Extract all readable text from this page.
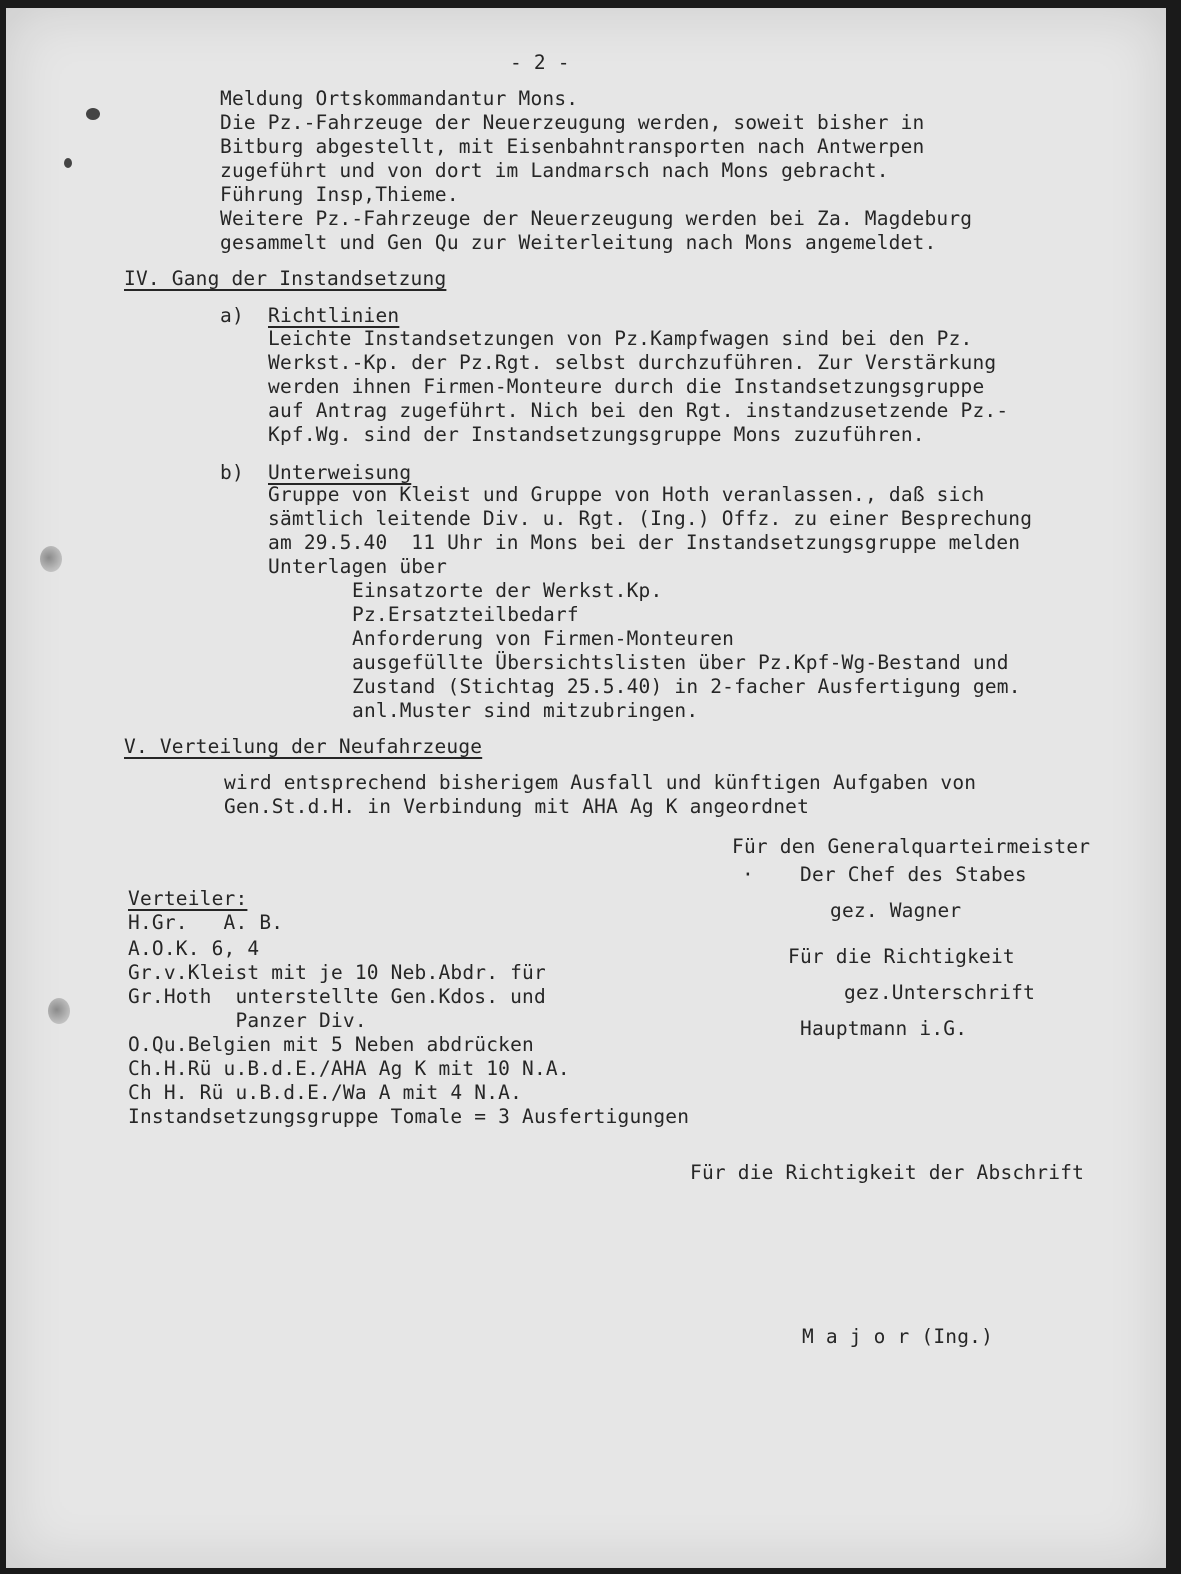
- 2 -
Meldung Ortskommandantur Mons.
Die Pz.-Fahrzeuge der Neuerzeugung werden, soweit bisher in
Bitburg abgestellt, mit Eisenbahntransporten nach Antwerpen
zugeführt und von dort im Landmarsch nach Mons gebracht.
Führung Insp,Thieme.
Weitere Pz.-Fahrzeuge der Neuerzeugung werden bei Za. Magdeburg
gesammelt und Gen Qu zur Weiterleitung nach Mons angemeldet.
IV. Gang der Instandsetzung
a) Richtlinien
Leichte Instandsetzungen von Pz.Kampfwagen sind bei den Pz.
Werkst.-Kp. der Pz.Rgt. selbst durchzuführen. Zur Verstärkung
werden ihnen Firmen-Monteure durch die Instandsetzungsgruppe
auf Antrag zugeführt. Nich bei den Rgt. instandzusetzende Pz.-
Kpf.Wg. sind der Instandsetzungsgruppe Mons zuzuführen.
b) Unterweisung
Gruppe von Kleist und Gruppe von Hoth veranlassen., daß sich
sämtlich leitende Div. u. Rgt. (Ing.) Offz. zu einer Besprechung
am 29.5.40  11 Uhr in Mons bei der Instandsetzungsgruppe melden
Unterlagen über
Einsatzorte der Werkst.Kp.
Pz.Ersatzteilbedarf
Anforderung von Firmen-Monteuren
ausgefüllte Übersichtslisten über Pz.Kpf-Wg-Bestand und
Zustand (Stichtag 25.5.40) in 2-facher Ausfertigung gem.
anl.Muster sind mitzubringen.
V. Verteilung der Neufahrzeuge
wird entsprechend bisherigem Ausfall und künftigen Aufgaben von
Gen.St.d.H. in Verbindung mit AHA Ag K angeordnet
Für den Generalquarteirmeister
· Der Chef des Stabes
gez. Wagner
Für die Richtigkeit
gez.Unterschrift
Hauptmann i.G.
Verteiler:
H.Gr.   A. B.
A.O.K. 6, 4
Gr.v.Kleist mit je 10 Neb.Abdr. für
Gr.Hoth  unterstellte Gen.Kdos. und
Panzer Div.
O.Qu.Belgien mit 5 Neben abdrücken
Ch.H.Rü u.B.d.E./AHA Ag K mit 10 N.A.
Ch H. Rü u.B.d.E./Wa A mit 4 N.A.
Instandsetzungsgruppe Tomale = 3 Ausfertigungen
Für die Richtigkeit der Abschrift
M a j o r (Ing.)
